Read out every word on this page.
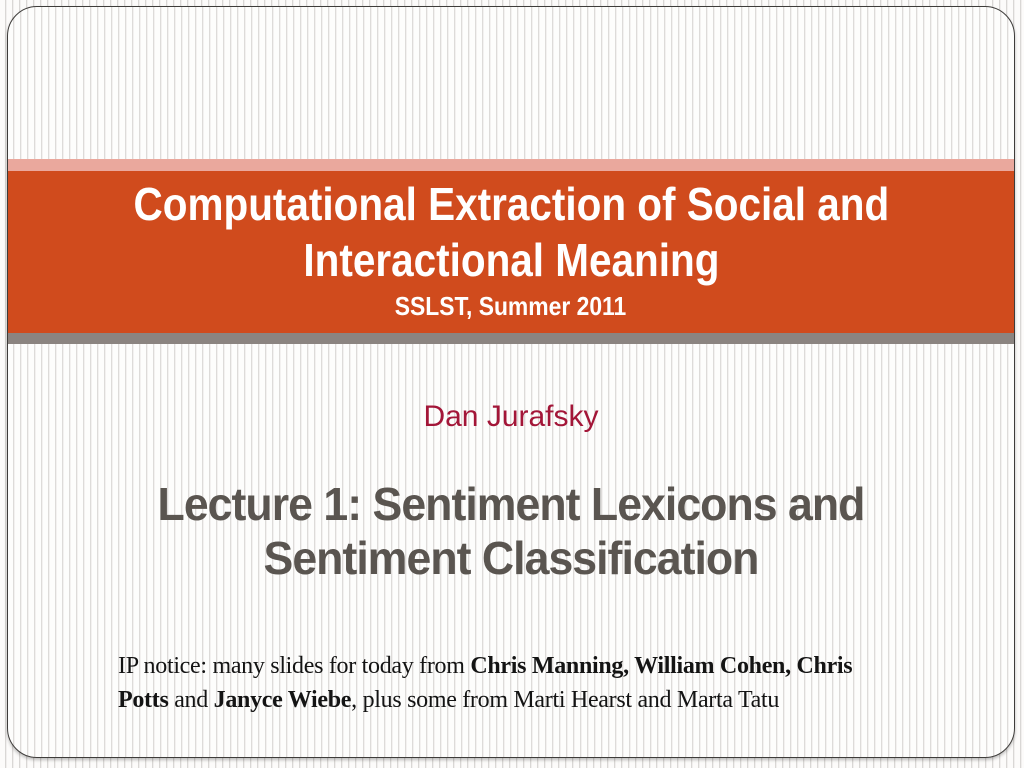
Computational Extraction of Social and
Interactional Meaning
SSLST, Summer 2011
Dan Jurafsky
Lecture 1: Sentiment Lexicons and
Sentiment Classification

IP notice: many slides for today from Chris Manning, William Cohen, Chris

Potts and Janyce Wiebe, plus some from Marti Hearst and Marta Tatu
